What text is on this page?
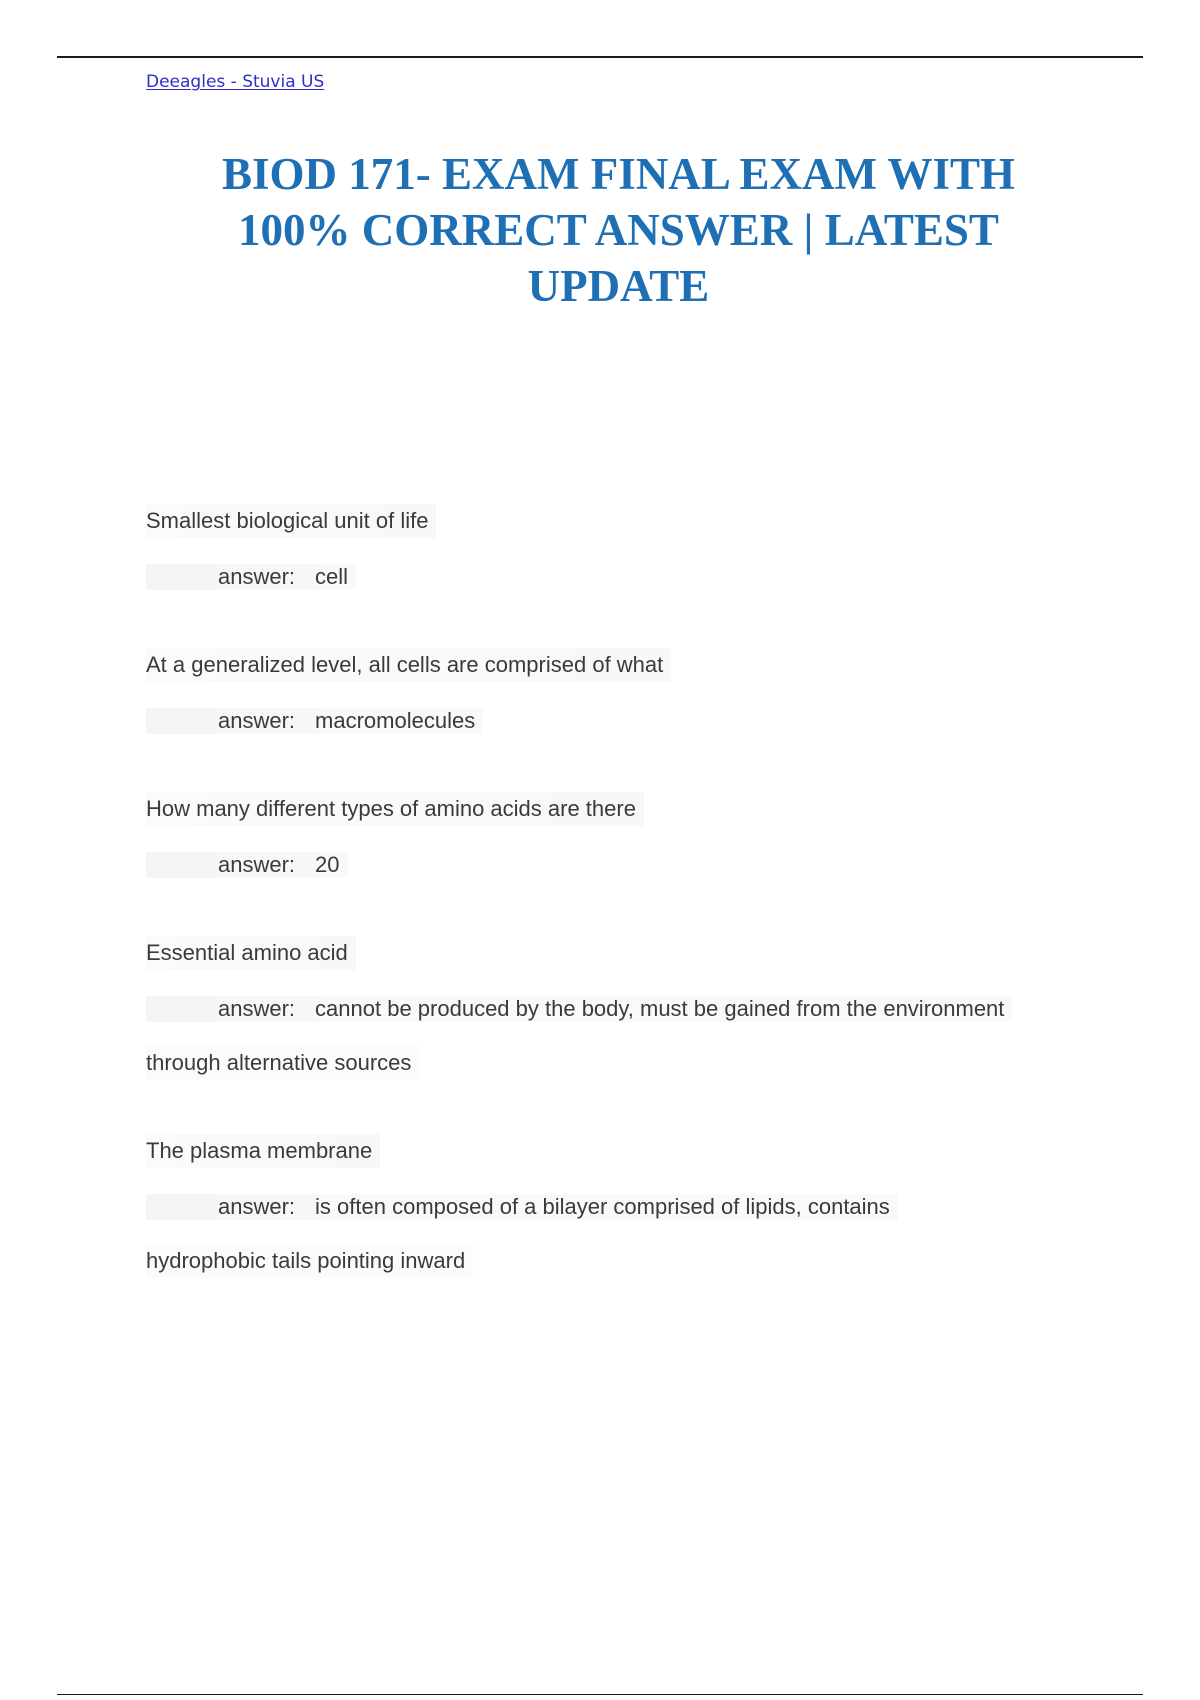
Deeagles - Stuvia US
BIOD 171- EXAM FINAL EXAM WITH
100% CORRECT ANSWER | LATEST
UPDATE
Smallest biological unit of life
answer: cell
At a generalized level, all cells are comprised of what
answer: macromolecules
How many different types of amino acids are there
answer: 20
Essential amino acid
answer: cannot be produced by the body, must be gained from the environment
through alternative sources
The plasma membrane
answer: is often composed of a bilayer comprised of lipids, contains
hydrophobic tails pointing inward
